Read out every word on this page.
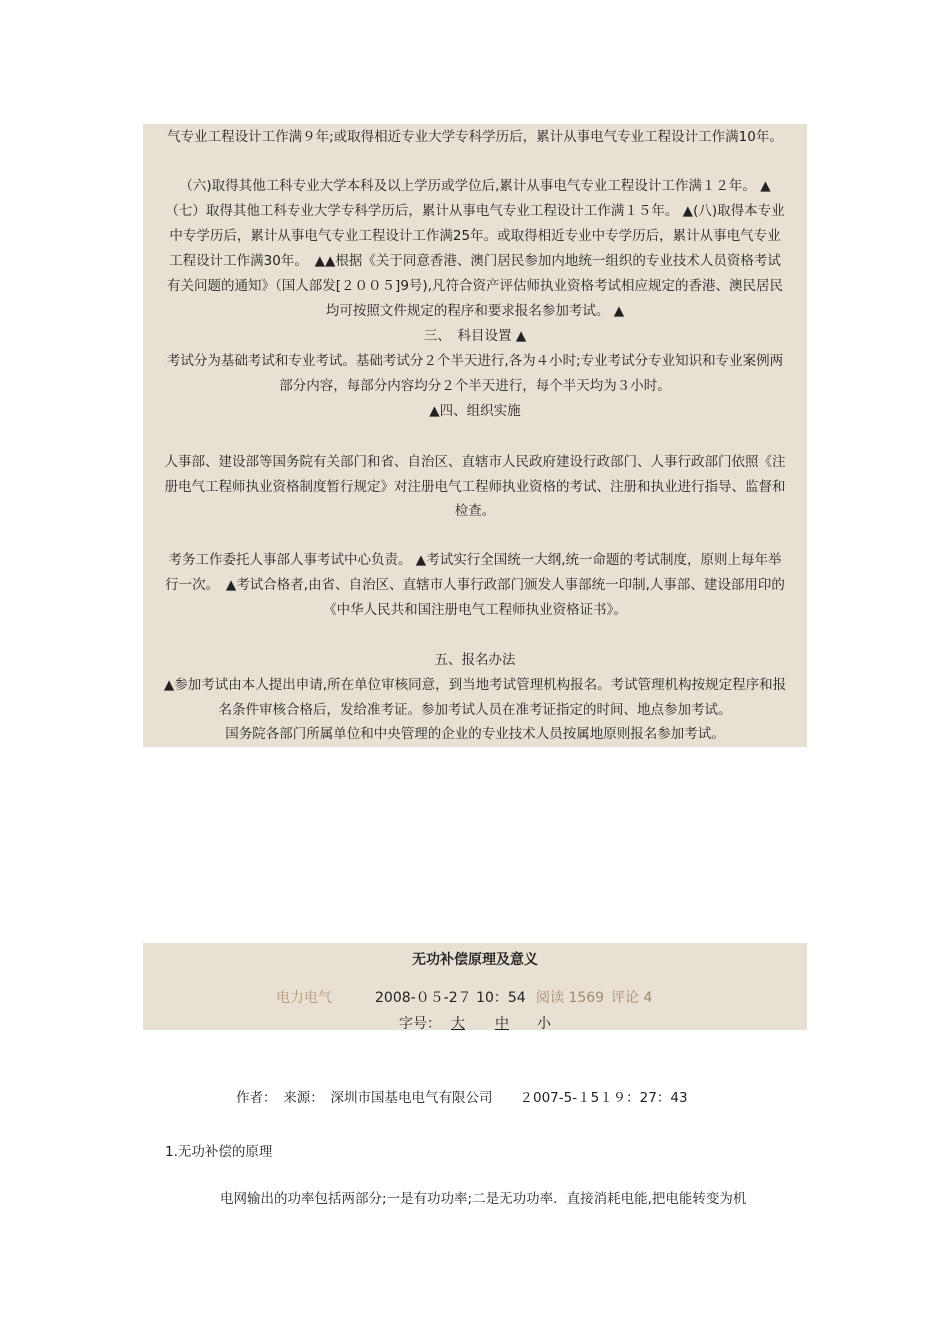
气专业工程设计工作满９年;或取得相近专业大学专科学历后，累计从事电气专业工程设计工作满10年。
（六)取得其他工科专业大学本科及以上学历或学位后,累计从事电气专业工程设计工作满１２年。 ▲
（七）取得其他工科专业大学专科学历后，累计从事电气专业工程设计工作满１５年。 ▲(八)取得本专业
中专学历后，累计从事电气专业工程设计工作满25年。或取得相近专业中专学历后，累计从事电气专业
工程设计工作满30年。　▲▲根据《关于同意香港、澳门居民参加内地统一组织的专业技术人员资格考试
有关问题的通知》（国人部发[２００５]9号),凡符合资产评估师执业资格考试相应规定的香港、澳民居民
均可按照文件规定的程序和要求报名参加考试。 ▲
三、　科目设置 ▲
考试分为基础考试和专业考试。基础考试分２个半天进行,各为４小时;专业考试分专业知识和专业案例两
部分内容，每部分内容均分２个半天进行，每个半天均为３小时。
▲四、组织实施
人事部、建设部等国务院有关部门和省、自治区、直辖市人民政府建设行政部门、人事行政部门依照《注
册电气工程师执业资格制度暂行规定》对注册电气工程师执业资格的考试、注册和执业进行指导、监督和
检查。
考务工作委托人事部人事考试中心负责。 ▲考试实行全国统一大纲,统一命题的考试制度，原则上每年举
行一次。　▲考试合格者,由省、自治区、直辖市人事行政部门颁发人事部统一印制,人事部、建设部用印的
《中华人民共和国注册电气工程师执业资格证书》。
五、报名办法
▲参加考试由本人提出申请,所在单位审核同意，到当地考试管理机构报名。考试管理机构按规定程序和报
名条件审核合格后，发给准考证。参加考试人员在准考证指定的时间、地点参加考试。
国务院各部门所属单位和中央管理的企业的专业技术人员按属地原则报名参加考试。
无功补偿原理及意义
电力电气	2008-０５-2７ 10：54 阅读 1569 评论 4
字号： 大 中 小
作者：　来源：　深圳市国基电电气有限公司　　２007-5-１5１９：27：43
1.无功补偿的原理
电网输出的功率包括两部分;一是有功功率;二是无功功率．直接消耗电能,把电能转变为机
